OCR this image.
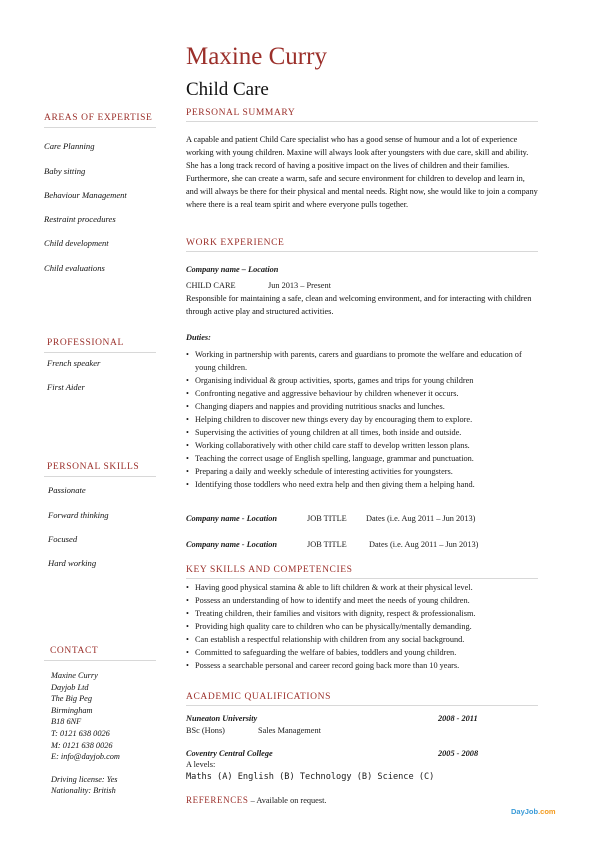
Maxine Curry
Child Care
AREAS OF EXPERTISE
Care Planning
Baby sitting
Behaviour Management
Restraint procedures
Child development
Child evaluations
PROFESSIONAL
French speaker
First Aider
PERSONAL SKILLS
Passionate
Forward thinking
Focused
Hard working
CONTACT
Maxine Curry
Dayjob Ltd
The Big Peg
Birmingham
B18 6NF
T: 0121 638 0026
M: 0121 638 0026
E: info@dayjob.com
Driving license: Yes
Nationality: British
PERSONAL SUMMARY
A capable and patient Child Care specialist who has a good sense of humour and a lot of experience working with young children. Maxine will always look after youngsters with due care, skill and ability. She has a long track record of having a positive impact on the lives of children and their families. Furthermore, she can create a warm, safe and secure environment for children to develop and learn in, and will always be there for their physical and mental needs. Right now, she would like to join a company where there is a real team spirit and where everyone pulls together.
WORK EXPERIENCE
Company name – Location
CHILD CARE	Jun 2013 – Present
Responsible for maintaining a safe, clean and welcoming environment, and for interacting with children through active play and structured activities.
Duties:
• Working in partnership with parents, carers and guardians to promote the welfare and education of young children.
• Organising individual & group activities, sports, games and trips for young children
• Confronting negative and aggressive behaviour by children whenever it occurs.
• Changing diapers and nappies and providing nutritious snacks and lunches.
• Helping children to discover new things every day by encouraging them to explore.
• Supervising the activities of young children at all times, both inside and outside.
• Working collaboratively with other child care staff to develop written lesson plans.
• Teaching the correct usage of English spelling, language, grammar and punctuation.
• Preparing a daily and weekly schedule of interesting activities for youngsters.
• Identifying those toddlers who need extra help and then giving them a helping hand.
Company name - Location	JOB TITLE Dates (i.e. Aug 2011 – Jun 2013)
Company name - Location	JOB TITLE	Dates (i.e. Aug 2011 – Jun 2013)
KEY SKILLS AND COMPETENCIES
• Having good physical stamina & able to lift children & work at their physical level.
• Possess an understanding of how to identify and meet the needs of young children.
• Treating children, their families and visitors with dignity, respect & professionalism.
• Providing high quality care to children who can be physically/mentally demanding.
• Can establish a respectful relationship with children from any social background.
• Committed to safeguarding the welfare of babies, toddlers and young children.
• Possess a searchable personal and career record going back more than 10 years.
ACADEMIC QUALIFICATIONS
Nuneaton University	2008 - 2011
BSc (Hons)	Sales Management
Coventry Central College	2005 - 2008
A levels:
Maths (A) English (B) Technology (B) Science (C)
REFERENCES – Available on request.
DayJob.com
